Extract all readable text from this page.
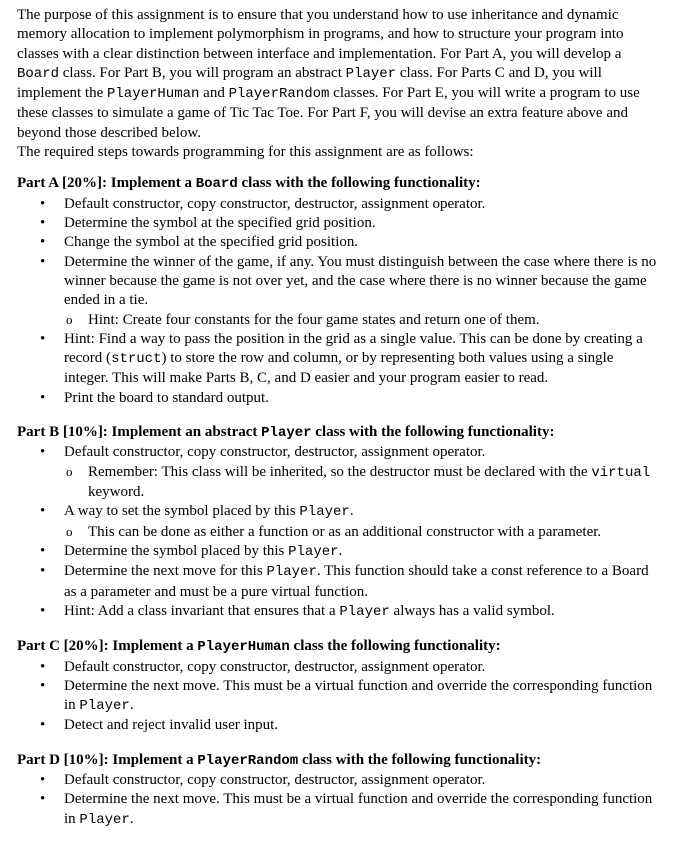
The purpose of this assignment is to ensure that you understand how to use inheritance and dynamic memory allocation to implement polymorphism in programs, and how to structure your program into classes with a clear distinction between interface and implementation. For Part A, you will develop a Board class. For Part B, you will program an abstract Player class. For Parts C and D, you will implement the PlayerHuman and PlayerRandom classes. For Part E, you will write a program to use these classes to simulate a game of Tic Tac Toe. For Part F, you will devise an extra feature above and beyond those described below.

The required steps towards programming for this assignment are as follows:

Part A [20%]: Implement a Board class with the following functionality:
• Default constructor, copy constructor, destructor, assignment operator.
• Determine the symbol at the specified grid position.
• Change the symbol at the specified grid position.
• Determine the winner of the game, if any. You must distinguish between the case where there is no winner because the game is not over yet, and the case where there is no winner because the game ended in a tie.
o Hint: Create four constants for the four game states and return one of them.
• Hint: Find a way to pass the position in the grid as a single value. This can be done by creating a record (struct) to store the row and column, or by representing both values using a single integer. This will make Parts B, C, and D easier and your program easier to read.
• Print the board to standard output.
Part B [10%]: Implement an abstract Player class with the following functionality:
• Default constructor, copy constructor, destructor, assignment operator.
o Remember: This class will be inherited, so the destructor must be declared with the virtual keyword.
• A way to set the symbol placed by this Player.
o This can be done as either a function or as an additional constructor with a parameter.
• Determine the symbol placed by this Player.
• Determine the next move for this Player. This function should take a const reference to a Board as a parameter and must be a pure virtual function.
• Hint: Add a class invariant that ensures that a Player always has a valid symbol.
Part C [20%]: Implement a PlayerHuman class the following functionality:
• Default constructor, copy constructor, destructor, assignment operator.
• Determine the next move. This must be a virtual function and override the corresponding function in Player.
• Detect and reject invalid user input.
Part D [10%]: Implement a PlayerRandom class with the following functionality:
• Default constructor, copy constructor, destructor, assignment operator.
• Determine the next move. This must be a virtual function and override the corresponding function in Player.
